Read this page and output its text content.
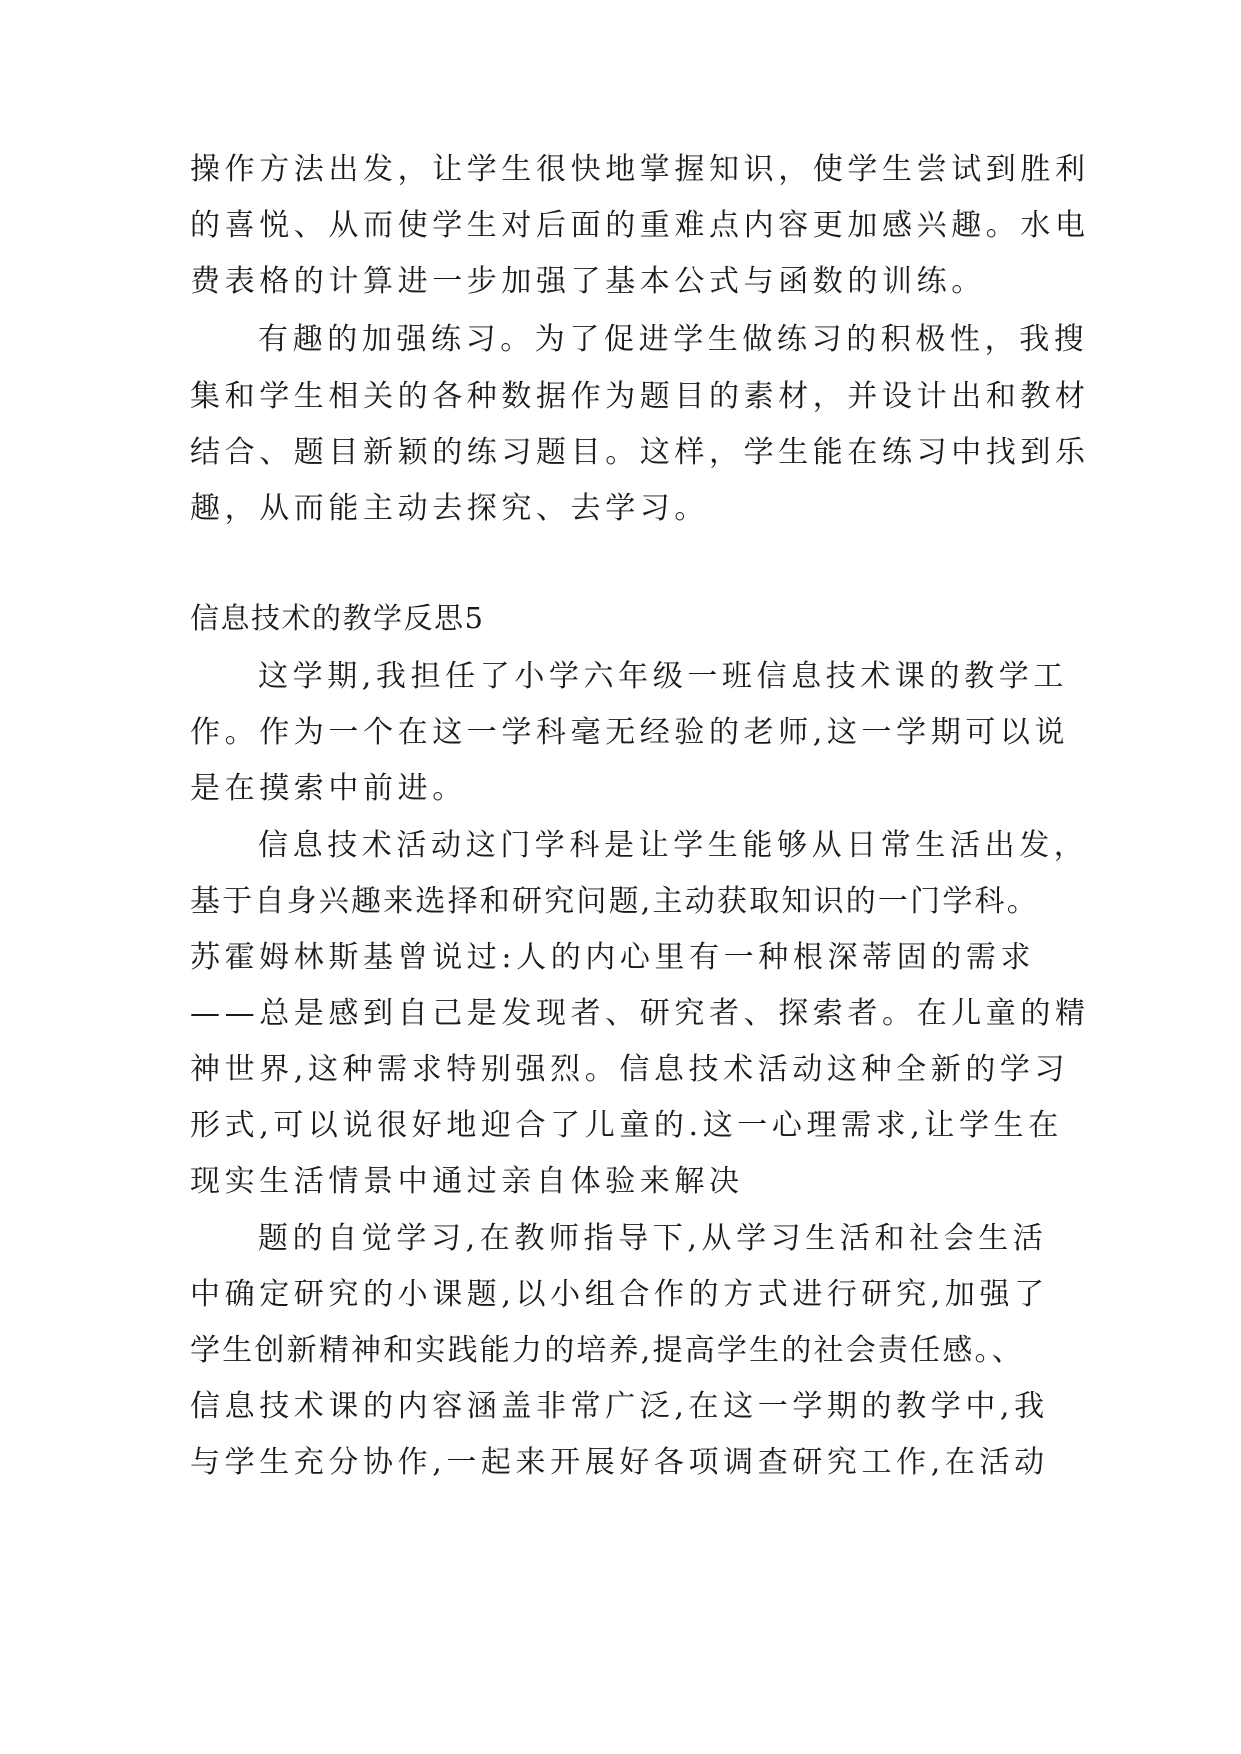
操作方法出发，让学生很快地掌握知识，使学生尝试到胜利
的喜悦、从而使学生对后面的重难点内容更加感兴趣。水电
费表格的计算进一步加强了基本公式与函数的训练。
有趣的加强练习。为了促进学生做练习的积极性，我搜
集和学生相关的各种数据作为题目的素材，并设计出和教材
结合、题目新颖的练习题目。这样，学生能在练习中找到乐
趣，从而能主动去探究、去学习。
信息技术的教学反思5
这学期,我担任了小学六年级一班信息技术课的教学工
作。作为一个在这一学科毫无经验的老师,这一学期可以说
是在摸索中前进。
信息技术活动这门学科是让学生能够从日常生活出发，
基于自身兴趣来选择和研究问题,主动获取知识的一门学科。
苏霍姆林斯基曾说过:人的内心里有一种根深蒂固的需求
——总是感到自己是发现者、研究者、探索者。在儿童的精
神世界,这种需求特别强烈。信息技术活动这种全新的学习
形式,可以说很好地迎合了儿童的.这一心理需求,让学生在
现实生活情景中通过亲自体验来解决
题的自觉学习,在教师指导下,从学习生活和社会生活
中确定研究的小课题,以小组合作的方式进行研究,加强了
学生创新精神和实践能力的培养,提高学生的社会责任感。、
信息技术课的内容涵盖非常广泛,在这一学期的教学中,我
与学生充分协作,一起来开展好各项调查研究工作,在活动
